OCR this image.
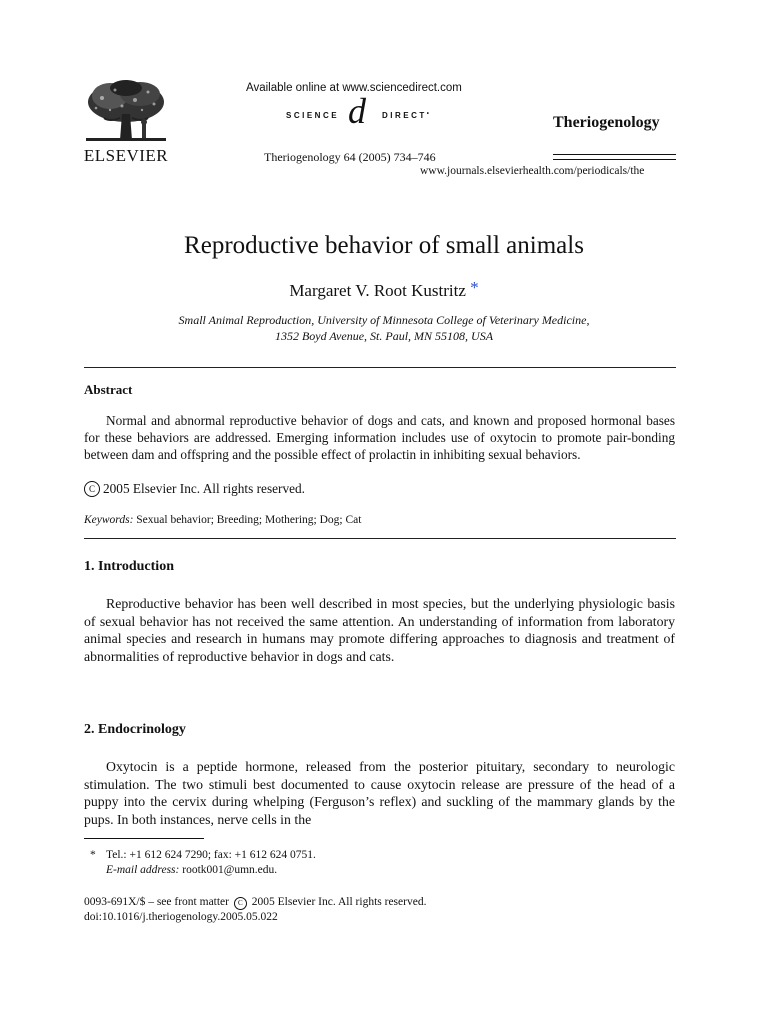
ELSEVIER
Available online at www.sciencedirect.com
SCIENCE d DIRECT•
Theriogenology 64 (2005) 734–746
Theriogenology
www.journals.elsevierhealth.com/periodicals/the
Reproductive behavior of small animals
Margaret V. Root Kustritz *
Small Animal Reproduction, University of Minnesota College of Veterinary Medicine,
1352 Boyd Avenue, St. Paul, MN 55108, USA
Abstract

Normal and abnormal reproductive behavior of dogs and cats, and known and proposed hormonal bases for these behaviors are addressed. Emerging information includes use of oxytocin to promote pair-bonding between dam and offspring and the possible effect of prolactin in inhibiting sexual behaviors.

C 2005 Elsevier Inc. All rights reserved.
Keywords: Sexual behavior; Breeding; Mothering; Dog; Cat
1. Introduction

Reproductive behavior has been well described in most species, but the underlying physiologic basis of sexual behavior has not received the same attention. An understanding of information from laboratory animal species and research in humans may promote differing approaches to diagnosis and treatment of abnormalities of reproductive behavior in dogs and cats.

2. Endocrinology

Oxytocin is a peptide hormone, released from the posterior pituitary, secondary to neurologic stimulation. The two stimuli best documented to cause oxytocin release are pressure of the head of a puppy into the cervix during whelping (Ferguson’s reflex) and suckling of the mammary glands by the pups. In both instances, nerve cells in the

* Tel.: +1 612 624 7290; fax: +1 612 624 0751.
E-mail address: rootk001@umn.edu.
0093-691X/$ – see front matter C 2005 Elsevier Inc. All rights reserved.
doi:10.1016/j.theriogenology.2005.05.022
